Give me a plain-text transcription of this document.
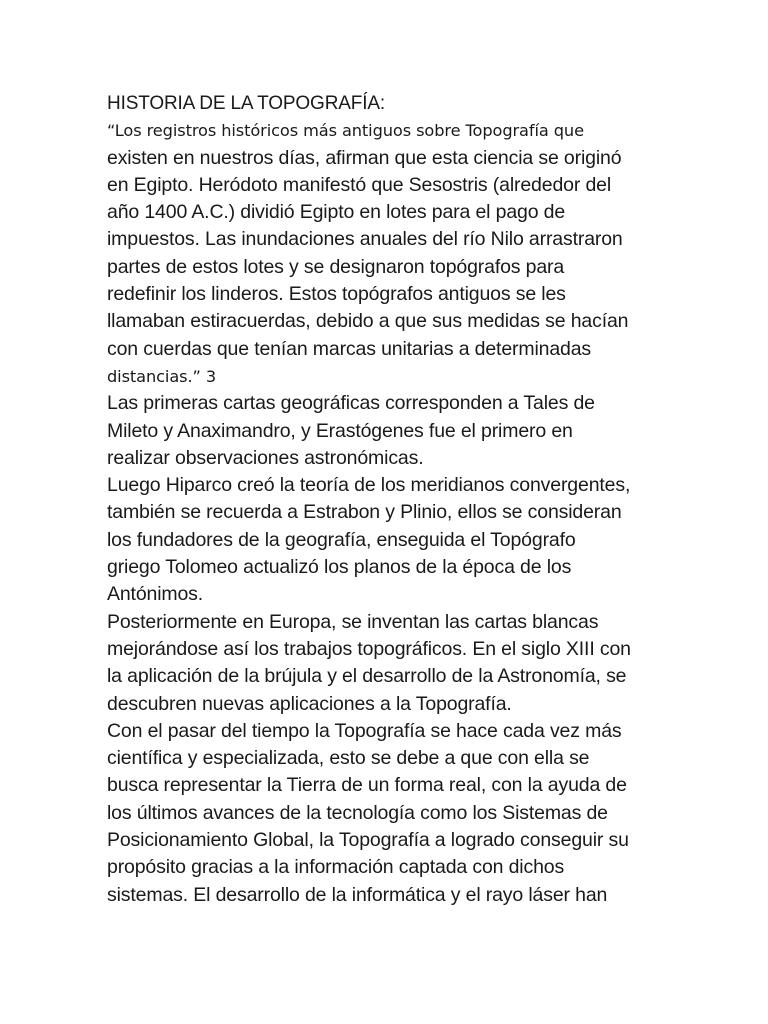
HISTORIA DE LA TOPOGRAFÍA:
“Los registros históricos más antiguos sobre Topografía que
existen en nuestros días, afirman que esta ciencia se originó
en Egipto. Heródoto manifestó que Sesostris (alrededor del
año 1400 A.C.) dividió Egipto en lotes para el pago de
impuestos. Las inundaciones anuales del río Nilo arrastraron
partes de estos lotes y se designaron topógrafos para
redefinir los linderos. Estos topógrafos antiguos se les
llamaban estiracuerdas, debido a que sus medidas se hacían
con cuerdas que tenían marcas unitarias a determinadas
distancias.” 3
Las primeras cartas geográficas corresponden a Tales de
Mileto y Anaximandro, y Erastógenes fue el primero en
realizar observaciones astronómicas.
Luego Hiparco creó la teoría de los meridianos convergentes,
también se recuerda a Estrabon y Plinio, ellos se consideran
los fundadores de la geografía, enseguida el Topógrafo
griego Tolomeo actualizó los planos de la época de los
Antónimos.
Posteriormente en Europa, se inventan las cartas blancas
mejorándose así los trabajos topográficos. En el siglo XIII con
la aplicación de la brújula y el desarrollo de la Astronomía, se
descubren nuevas aplicaciones a la Topografía.
Con el pasar del tiempo la Topografía se hace cada vez más
científica y especializada, esto se debe a que con ella se
busca representar la Tierra de un forma real, con la ayuda de
los últimos avances de la tecnología como los Sistemas de
Posicionamiento Global, la Topografía a logrado conseguir su
propósito gracias a la información captada con dichos
sistemas. El desarrollo de la informática y el rayo láser han
